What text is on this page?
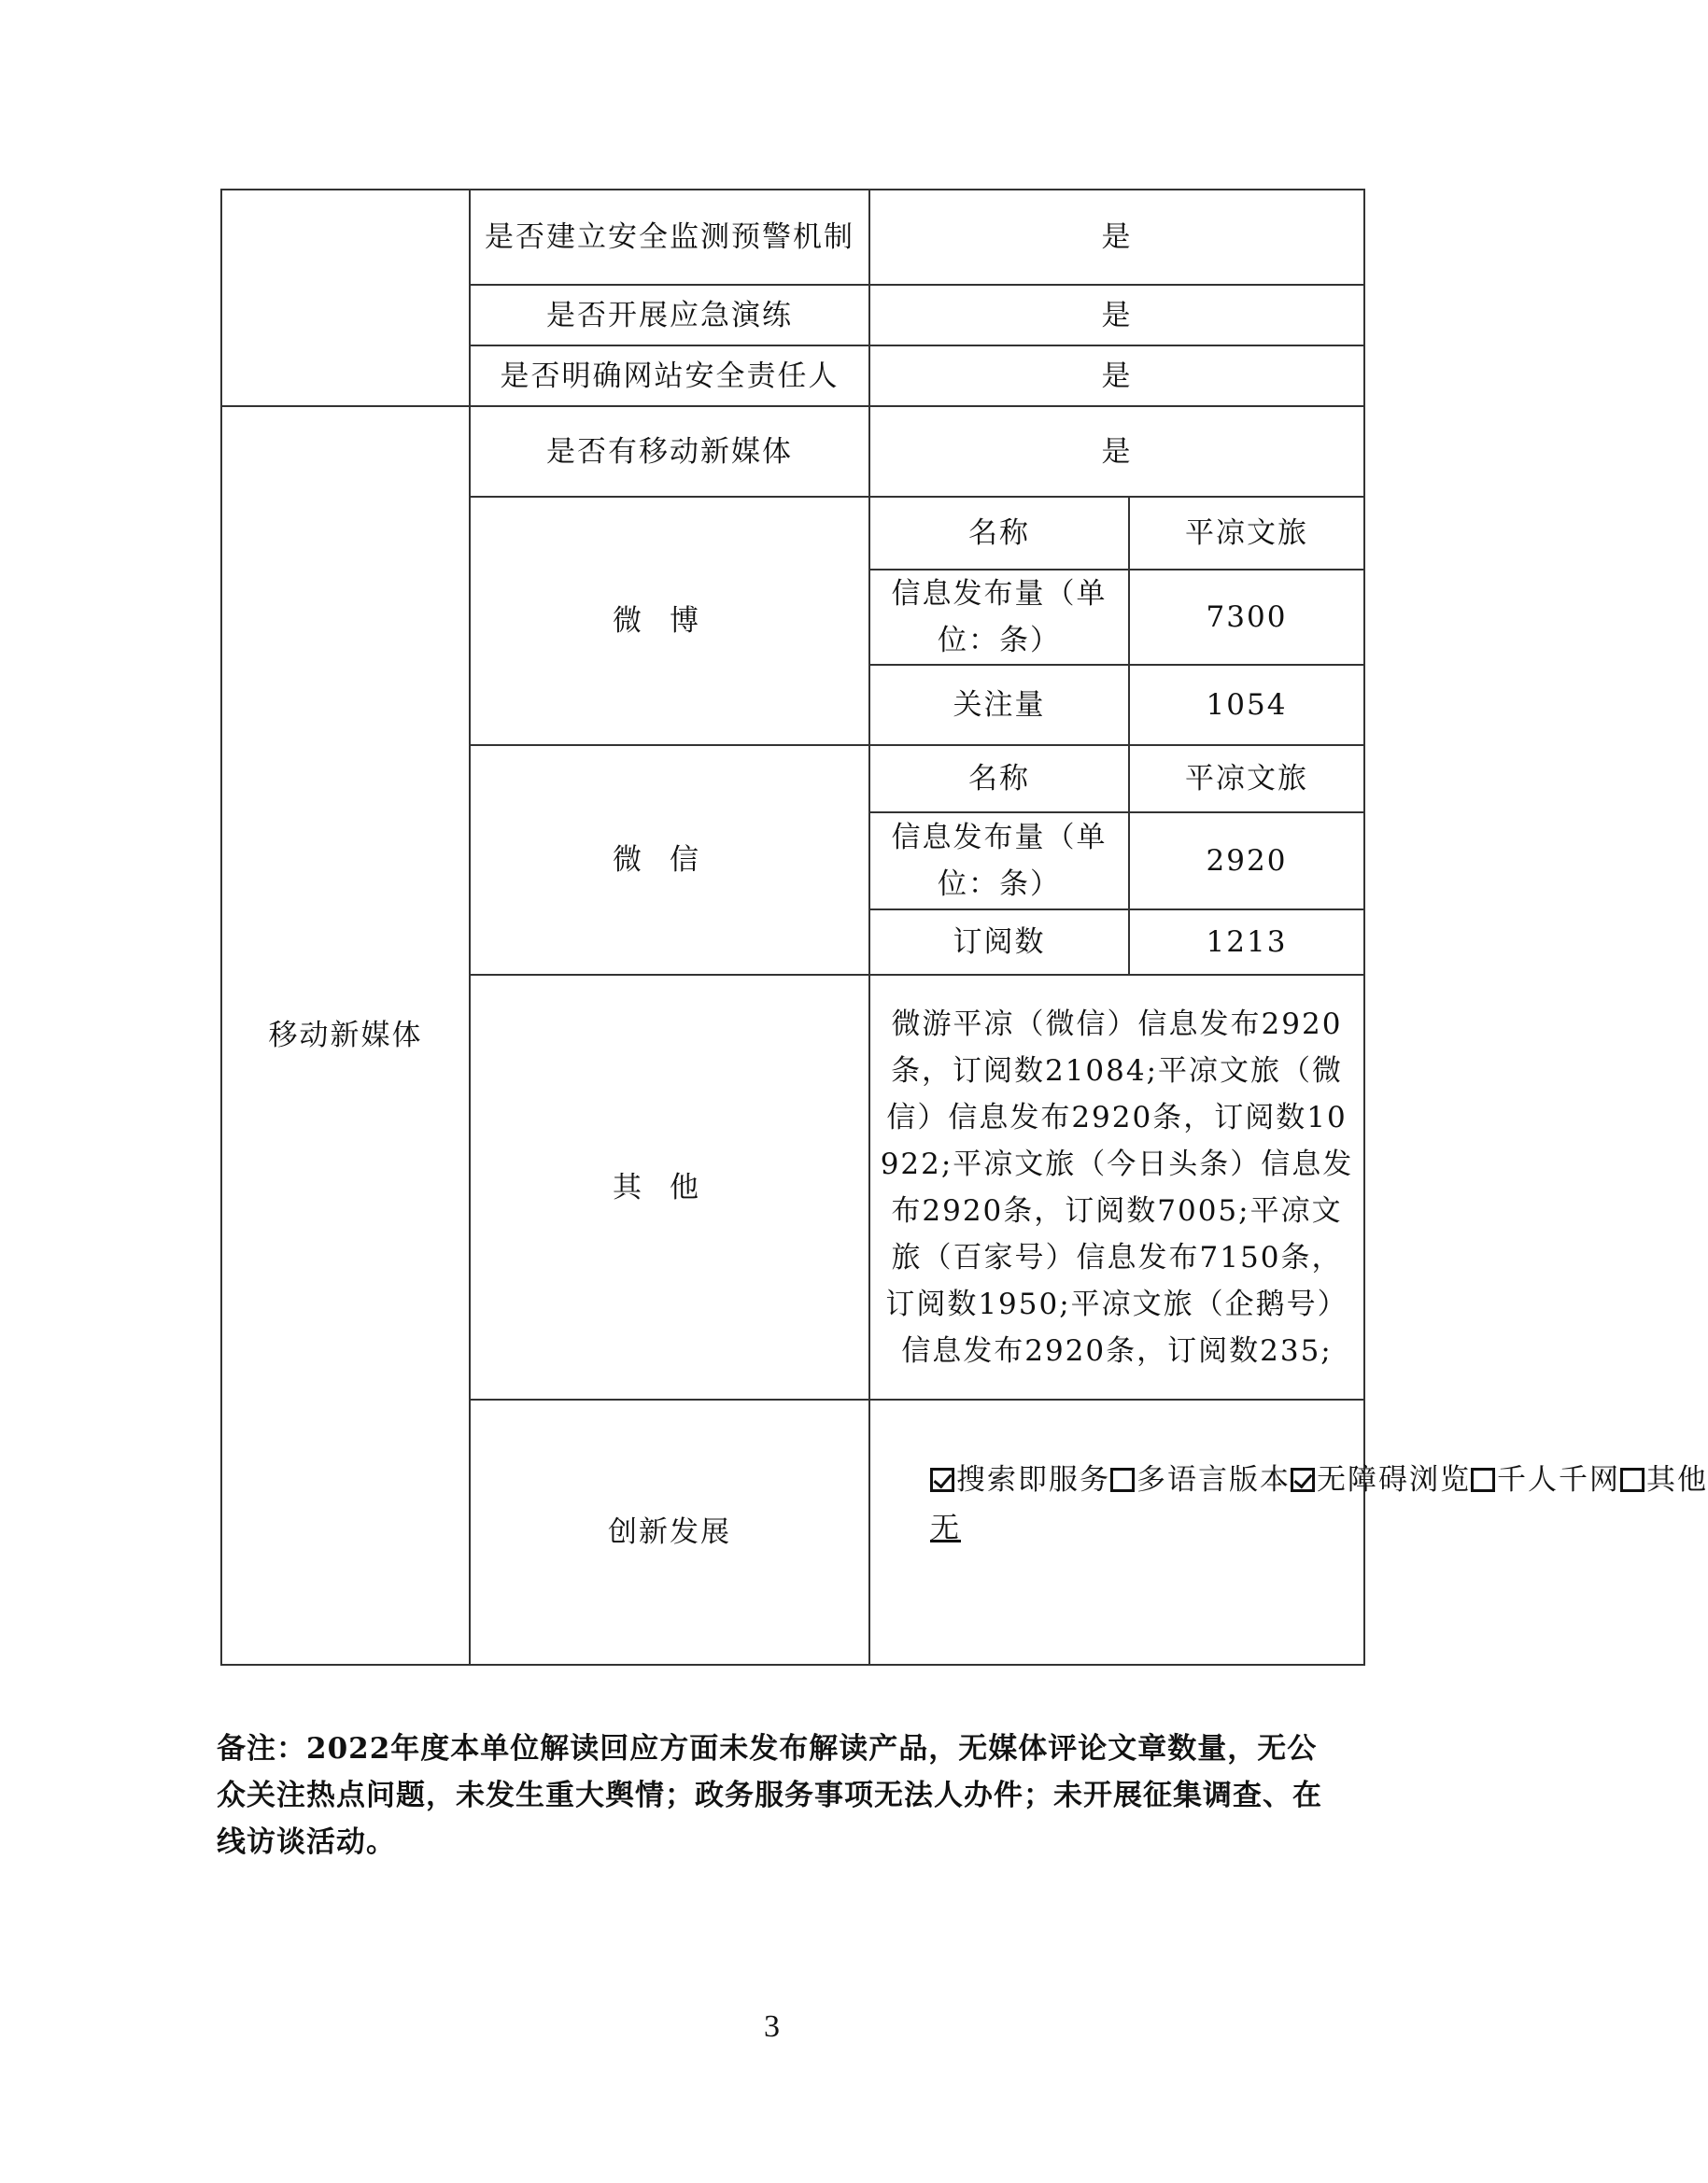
	是否建立安全监测预警机制	是	
	是否开展应急演练	是	
	是否明确网站安全责任人	是	
移动新媒体	是否有移动新媒体	是	
	微博	名称	平凉文旅
		信息发布量（单位：条）	7300
		关注量	1054
	微信	名称	平凉文旅
		信息发布量（单位：条）	2920
		订阅数	1213
	其他	微游平凉（微信）信息发布2920条，订阅数21084;平凉文旅（微信）信息发布2920条，订阅数10922;平凉文旅（今日头条）信息发布2920条，订阅数7005;平凉文旅（百家号）信息发布7150条，订阅数1950;平凉文旅（企鹅号）信息发布2920条，订阅数235;	
	创新发展	搜索即服务 多语言版本 无障碍浏览 千人千网 其他
无	
备注：2022年度本单位解读回应方面未发布解读产品，无媒体评论文章数量，无公众关注热点问题，未发生重大舆情；政务服务事项无法人办件；未开展征集调查、在线访谈活动。
3
